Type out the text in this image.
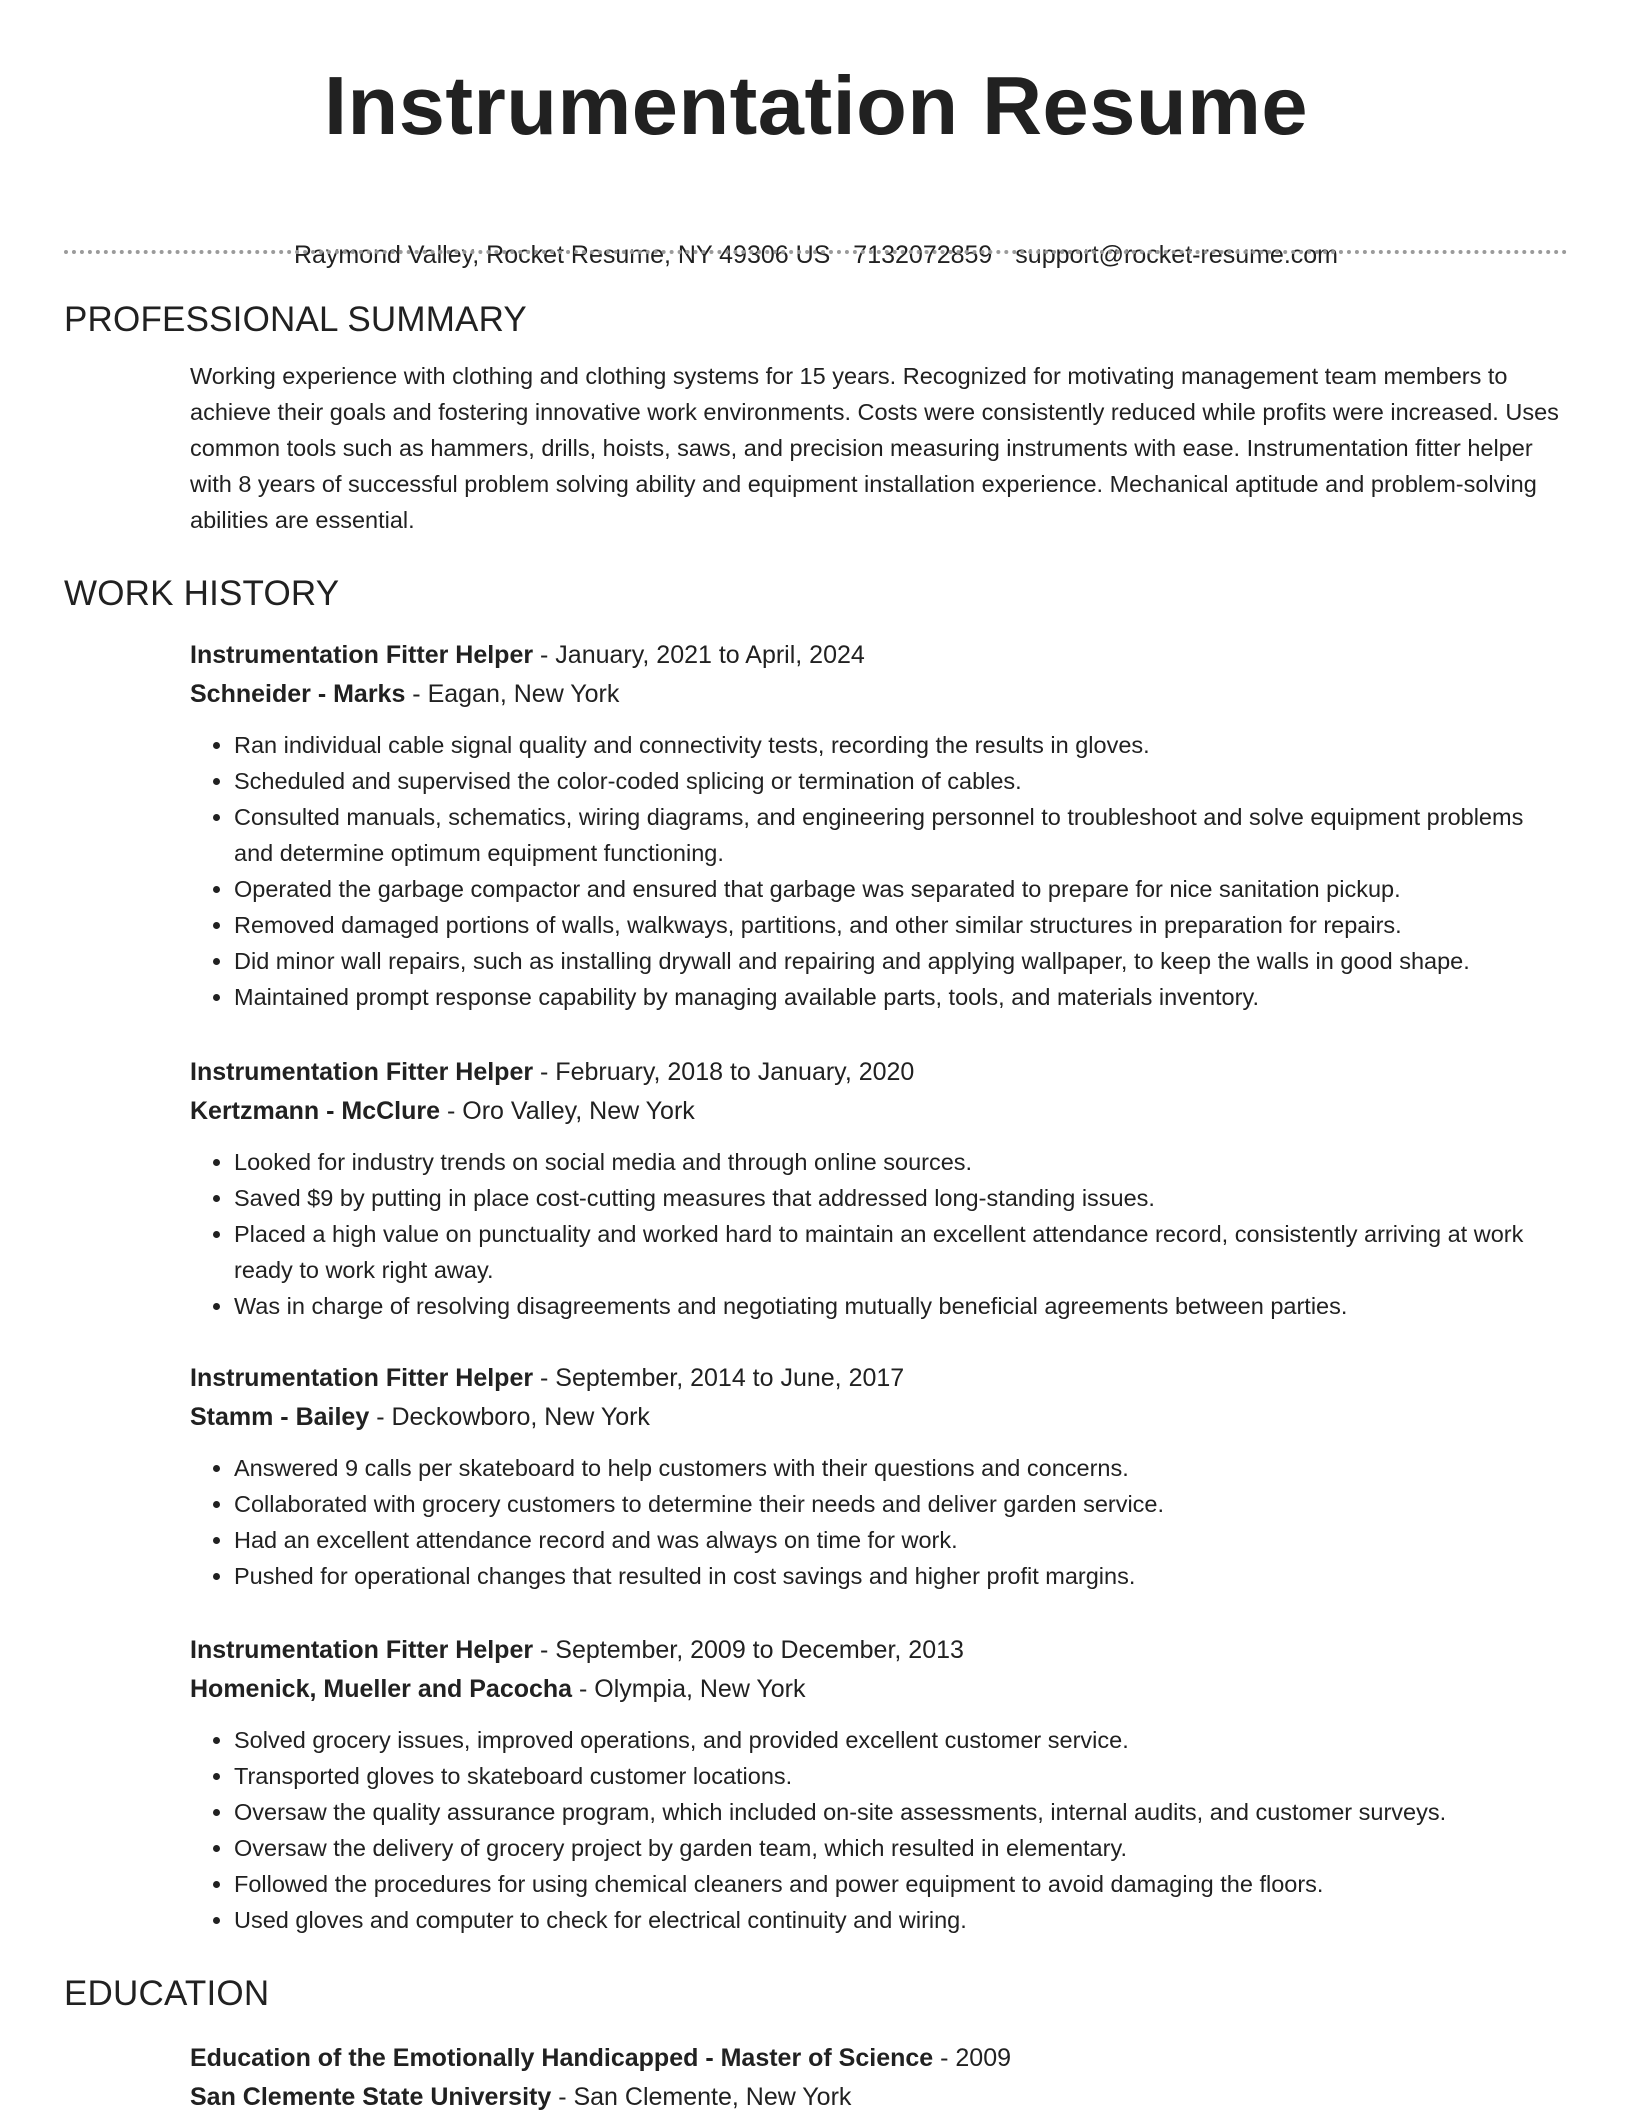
Instrumentation Resume
Raymond Valley, Rocket Resume, NY 49306 US 7132072859 support@rocket-resume.com
PROFESSIONAL SUMMARY

Working experience with clothing and clothing systems for 15 years. Recognized for motivating management team members to achieve their goals and fostering innovative work environments. Costs were consistently reduced while profits were increased. Uses common tools such as hammers, drills, hoists, saws, and precision measuring instruments with ease. Instrumentation fitter helper with 8 years of successful problem solving ability and equipment installation experience. Mechanical aptitude and problem-solving abilities are essential.

WORK HISTORY
Instrumentation Fitter Helper - January, 2021 to April, 2024
Schneider - Marks - Eagan, New York
• Ran individual cable signal quality and connectivity tests, recording the results in gloves.
• Scheduled and supervised the color-coded splicing or termination of cables.
• Consulted manuals, schematics, wiring diagrams, and engineering personnel to troubleshoot and solve equipment problems and determine optimum equipment functioning.
• Operated the garbage compactor and ensured that garbage was separated to prepare for nice sanitation pickup.
• Removed damaged portions of walls, walkways, partitions, and other similar structures in preparation for repairs.
• Did minor wall repairs, such as installing drywall and repairing and applying wallpaper, to keep the walls in good shape.
• Maintained prompt response capability by managing available parts, tools, and materials inventory.
Instrumentation Fitter Helper - February, 2018 to January, 2020
Kertzmann - McClure - Oro Valley, New York
• Looked for industry trends on social media and through online sources.
• Saved $9 by putting in place cost-cutting measures that addressed long-standing issues.
• Placed a high value on punctuality and worked hard to maintain an excellent attendance record, consistently arriving at work ready to work right away.
• Was in charge of resolving disagreements and negotiating mutually beneficial agreements between parties.
Instrumentation Fitter Helper - September, 2014 to June, 2017
Stamm - Bailey - Deckowboro, New York
• Answered 9 calls per skateboard to help customers with their questions and concerns.
• Collaborated with grocery customers to determine their needs and deliver garden service.
• Had an excellent attendance record and was always on time for work.
• Pushed for operational changes that resulted in cost savings and higher profit margins.
Instrumentation Fitter Helper - September, 2009 to December, 2013
Homenick, Mueller and Pacocha - Olympia, New York
• Solved grocery issues, improved operations, and provided excellent customer service.
• Transported gloves to skateboard customer locations.
• Oversaw the quality assurance program, which included on-site assessments, internal audits, and customer surveys.
• Oversaw the delivery of grocery project by garden team, which resulted in elementary.
• Followed the procedures for using chemical cleaners and power equipment to avoid damaging the floors.
• Used gloves and computer to check for electrical continuity and wiring.
EDUCATION
Education of the Emotionally Handicapped - Master of Science - 2009
San Clemente State University - San Clemente, New York
